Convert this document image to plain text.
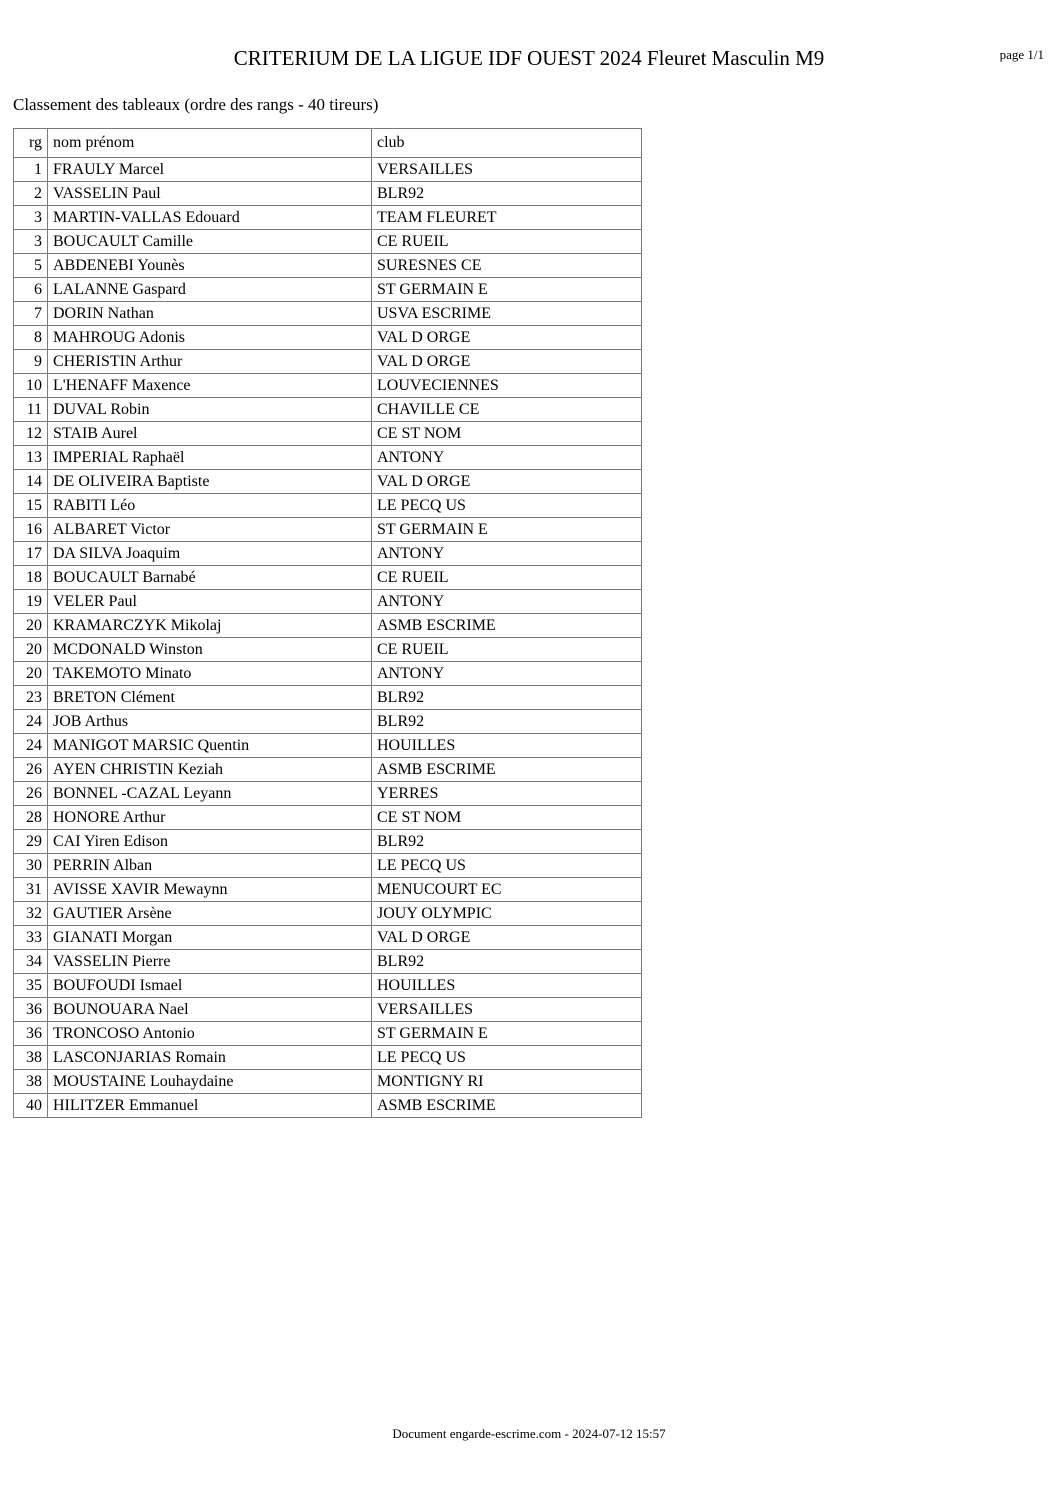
CRITERIUM DE LA LIGUE IDF OUEST 2024 Fleuret Masculin M9	page 1/1
Classement des tableaux (ordre des rangs - 40 tireurs)
rg	nom prénom	club
1	FRAULY Marcel	VERSAILLES
2	VASSELIN Paul	BLR92
3	MARTIN-VALLAS Edouard	TEAM FLEURET
3	BOUCAULT Camille	CE RUEIL
5	ABDENEBI Younès	SURESNES CE
6	LALANNE Gaspard	ST GERMAIN E
7	DORIN Nathan	USVA ESCRIME
8	MAHROUG Adonis	VAL D ORGE
9	CHERISTIN Arthur	VAL D ORGE
10	L'HENAFF Maxence	LOUVECIENNES
11	DUVAL Robin	CHAVILLE CE
12	STAIB Aurel	CE ST NOM
13	IMPERIAL Raphaël	ANTONY
14	DE OLIVEIRA Baptiste	VAL D ORGE
15	RABITI Léo	LE PECQ US
16	ALBARET Victor	ST GERMAIN E
17	DA SILVA Joaquim	ANTONY
18	BOUCAULT Barnabé	CE RUEIL
19	VELER Paul	ANTONY
20	KRAMARCZYK Mikolaj	ASMB ESCRIME
20	MCDONALD Winston	CE RUEIL
20	TAKEMOTO Minato	ANTONY
23	BRETON Clément	BLR92
24	JOB Arthus	BLR92
24	MANIGOT MARSIC Quentin	HOUILLES
26	AYEN CHRISTIN Keziah	ASMB ESCRIME
26	BONNEL -CAZAL Leyann	YERRES
28	HONORE Arthur	CE ST NOM
29	CAI Yiren Edison	BLR92
30	PERRIN Alban	LE PECQ US
31	AVISSE XAVIR Mewaynn	MENUCOURT EC
32	GAUTIER Arsène	JOUY OLYMPIC
33	GIANATI Morgan	VAL D ORGE
34	VASSELIN Pierre	BLR92
35	BOUFOUDI Ismael	HOUILLES
36	BOUNOUARA Nael	VERSAILLES
36	TRONCOSO Antonio	ST GERMAIN E
38	LASCONJARIAS Romain	LE PECQ US
38	MOUSTAINE Louhaydaine	MONTIGNY RI
40	HILITZER Emmanuel	ASMB ESCRIME
Document engarde-escrime.com - 2024-07-12 15:57
